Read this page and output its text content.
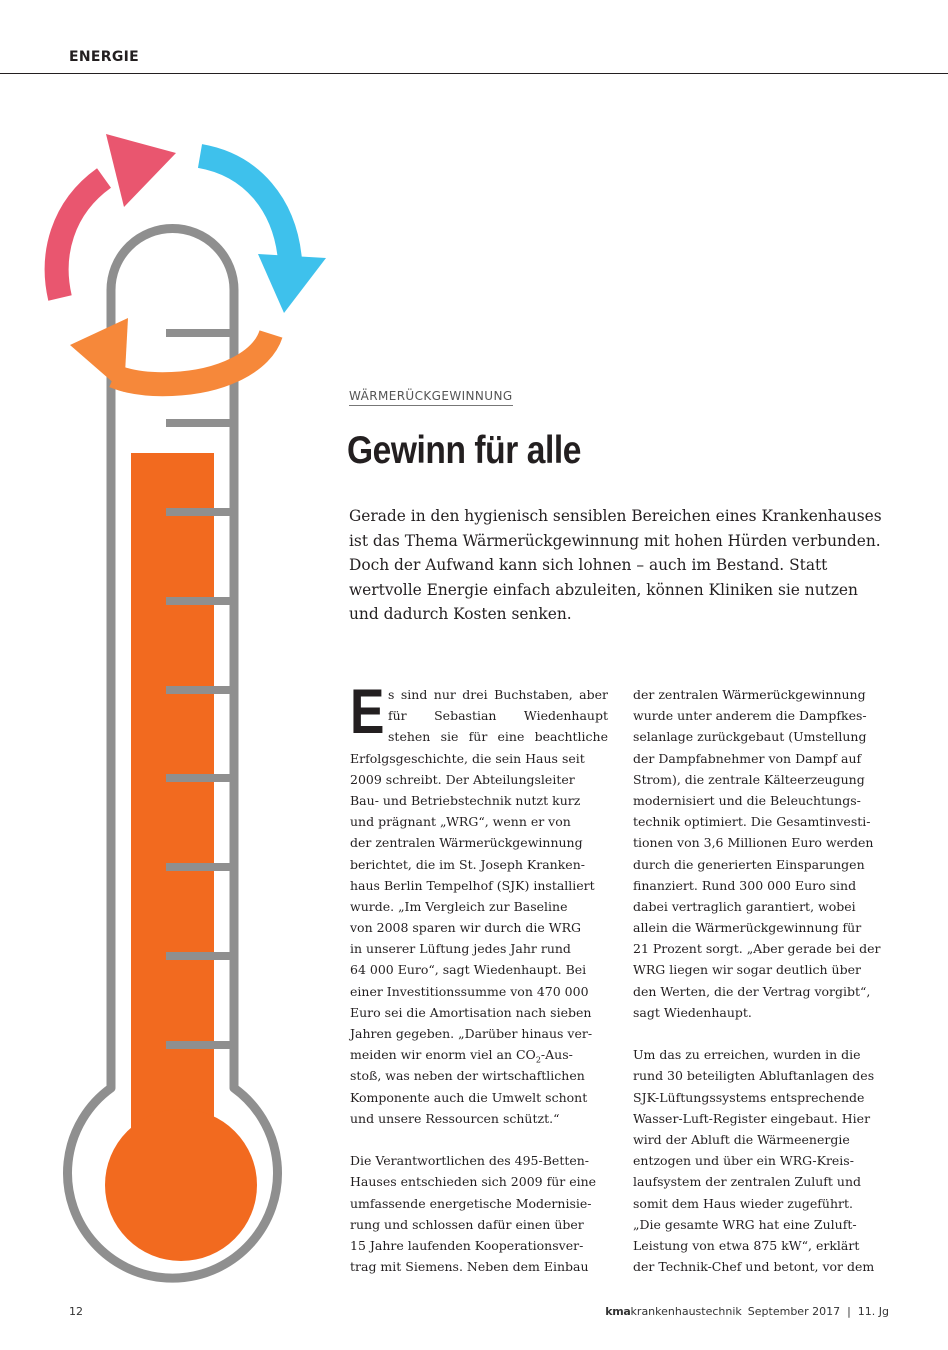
ENERGIE

WÄRMERÜCKGEWINNUNG

Gewinn für alle

Gerade in den hygienisch sensiblen Bereichen eines Krankenhauses
ist das Thema Wärmerückgewinnung mit hohen Hürden verbunden.
Doch der Aufwand kann sich lohnen – auch im Bestand. Statt
wertvolle Energie einfach abzuleiten, können Kliniken sie nutzen
und dadurch Kosten senken.

E s sind nur drei Buchstaben, aber
für Sebastian Wiedenhaupt
stehen sie für eine beachtliche
Erfolgsgeschichte, die sein Haus seit
2009 schreibt. Der Abteilungsleiter
Bau- und Betriebstechnik nutzt kurz
und prägnant „WRG“, wenn er von
der zentralen Wärmerückgewinnung
berichtet, die im St. Joseph Kranken-
haus Berlin Tempelhof (SJK) installiert
wurde. „Im Vergleich zur Baseline
von 2008 sparen wir durch die WRG
in unserer Lüftung jedes Jahr rund
64 000 Euro“, sagt Wiedenhaupt. Bei
einer Investitionssumme von 470 000
Euro sei die Amortisation nach sieben
Jahren gegeben. „Darüber hinaus ver-
meiden wir enorm viel an $CO_2-Aus-$
stoß, was neben der wirtschaftlichen
Komponente auch die Umwelt schont
und unsere Ressourcen schützt.“
Die Verantwortlichen des 495-Betten-
Hauses entschieden sich 2009 für eine
umfassende energetische Modernisie-
rung und schlossen dafür einen über
15 Jahre laufenden Kooperationsver-
trag mit Siemens. Neben dem Einbau
der zentralen Wärmerückgewinnung
wurde unter anderem die Dampfkes-
selanlage zurückgebaut (Umstellung
der Dampfabnehmer von Dampf auf
Strom), die zentrale Kälteerzeugung
modernisiert und die Beleuchtungs-
technik optimiert. Die Gesamtinvesti-
tionen von 3,6 Millionen Euro werden
durch die generierten Einsparungen
finanziert. Rund 300 000 Euro sind
dabei vertraglich garantiert, wobei
allein die Wärmerückgewinnung für
21 Prozent sorgt. „Aber gerade bei der
WRG liegen wir sogar deutlich über
den Werten, die der Vertrag vorgibt“,
sagt Wiedenhaupt.
Um das zu erreichen, wurden in die
rund 30 beteiligten Abluftanlagen des
SJK-Lüftungssystems entsprechende
Wasser-Luft-Register eingebaut. Hier
wird der Abluft die Wärmeenergie
entzogen und über ein WRG-Kreis-
laufsystem der zentralen Zuluft und
somit dem Haus wieder zugeführt.
„Die gesamte WRG hat eine Zuluft-
Leistung von etwa 875 kW“, erklärt
der Technik-Chef und betont, vor dem

12	kmakrankenhaustechnik September 2017  |  11. Jg
